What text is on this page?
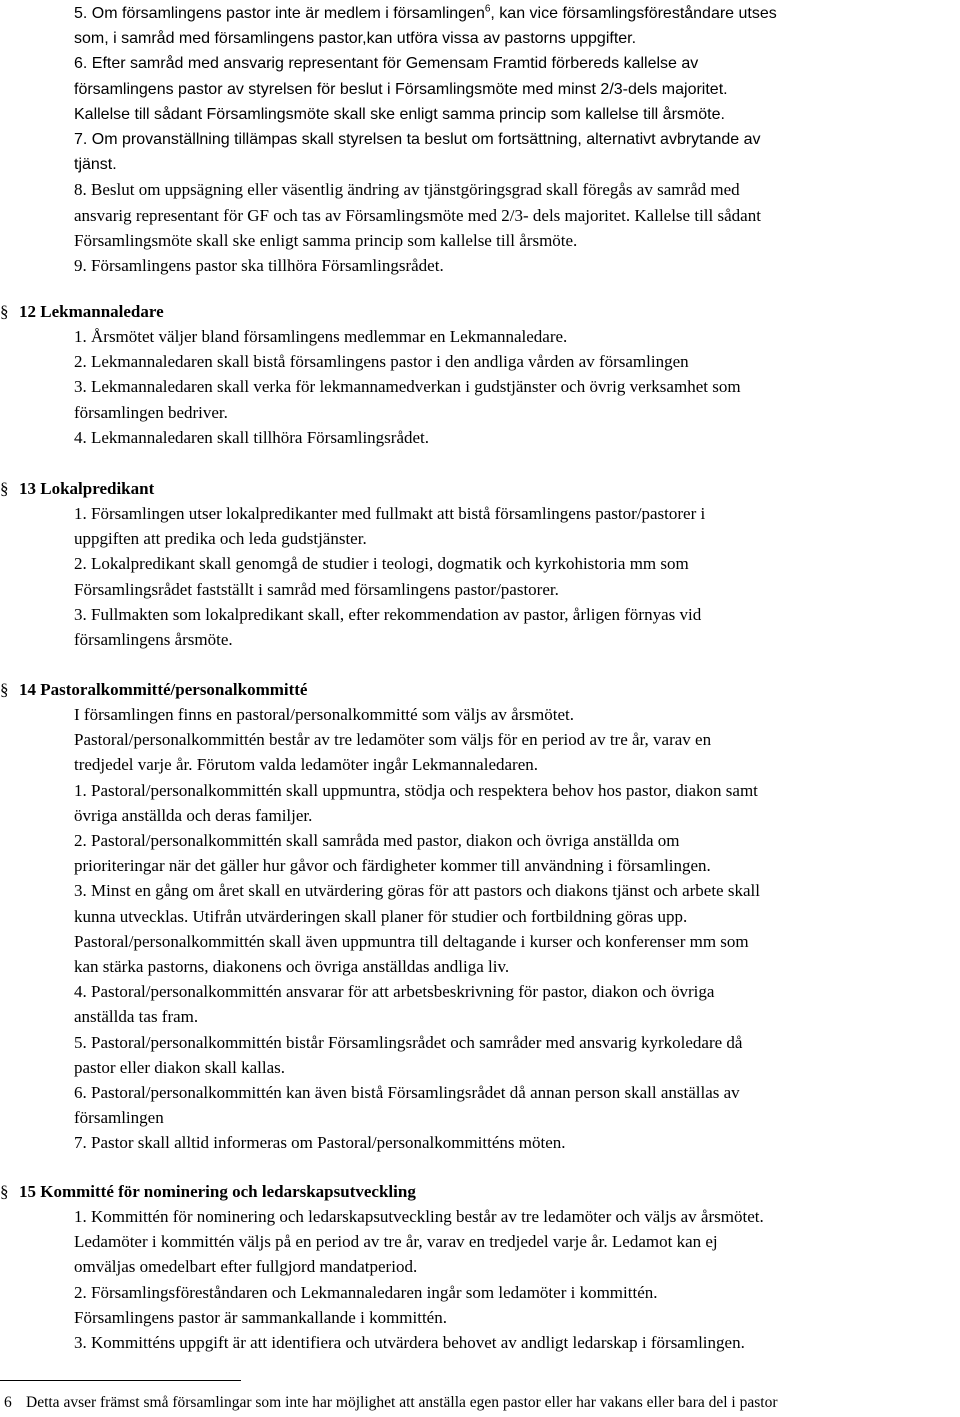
5. Om församlingens pastor inte är medlem i församlingen$^6$, kan vice församlingsföreståndare utses
som, i samråd med församlingens pastor,kan utföra vissa av pastorns uppgifter.
6. Efter samråd med ansvarig representant för Gemensam Framtid förbereds kallelse av
församlingens pastor av styrelsen för beslut i Församlingsmöte med minst 2/3-dels majoritet.
Kallelse till sådant Församlingsmöte skall ske enligt samma princip som kallelse till årsmöte.
7. Om provanställning tillämpas skall styrelsen ta beslut om fortsättning, alternativt avbrytande av
tjänst.
8. Beslut om uppsägning eller väsentlig ändring av tjänstgöringsgrad skall föregås av samråd med
ansvarig representant för GF och tas av Församlingsmöte med 2/3- dels majoritet. Kallelse till sådant
Församlingsmöte skall ske enligt samma princip som kallelse till årsmöte.
9. Församlingens pastor ska tillhöra Församlingsrådet.
§ 12 Lekmannaledare
1. Årsmötet väljer bland församlingens medlemmar en Lekmannaledare.
2. Lekmannaledaren skall bistå församlingens pastor i den andliga vården av församlingen
3. Lekmannaledaren skall verka för lekmannamedverkan i gudstjänster och övrig verksamhet som
församlingen bedriver.
4. Lekmannaledaren skall tillhöra Församlingsrådet.
§ 13 Lokalpredikant
1. Församlingen utser lokalpredikanter med fullmakt att bistå församlingens pastor/pastorer i
uppgiften att predika och leda gudstjänster.
2. Lokalpredikant skall genomgå de studier i teologi, dogmatik och kyrkohistoria mm som
Församlingsrådet fastställt i samråd med församlingens pastor/pastorer.
3. Fullmakten som lokalpredikant skall, efter rekommendation av pastor, årligen förnyas vid
församlingens årsmöte.
§ 14 Pastoralkommitté/personalkommitté
I församlingen finns en pastoral/personalkommitté som väljs av årsmötet.
Pastoral/personalkommittén består av tre ledamöter som väljs för en period av tre år, varav en
tredjedel varje år. Förutom valda ledamöter ingår Lekmannaledaren.
1. Pastoral/personalkommittén skall uppmuntra, stödja och respektera behov hos pastor, diakon samt
övriga anställda och deras familjer.
2. Pastoral/personalkommittén skall samråda med pastor, diakon och övriga anställda om
prioriteringar när det gäller hur gåvor och färdigheter kommer till användning i församlingen.
3. Minst en gång om året skall en utvärdering göras för att pastors och diakons tjänst och arbete skall
kunna utvecklas. Utifrån utvärderingen skall planer för studier och fortbildning göras upp.
Pastoral/personalkommittén skall även uppmuntra till deltagande i kurser och konferenser mm som
kan stärka pastorns, diakonens och övriga anställdas andliga liv.
4. Pastoral/personalkommittén ansvarar för att arbetsbeskrivning för pastor, diakon och övriga
anställda tas fram.
5. Pastoral/personalkommittén bistår Församlingsrådet och samråder med ansvarig kyrkoledare då
pastor eller diakon skall kallas.
6. Pastoral/personalkommittén kan även bistå Församlingsrådet då annan person skall anställas av
församlingen
7. Pastor skall alltid informeras om Pastoral/personalkommitténs möten.
§ 15 Kommitté för nominering och ledarskapsutveckling
1. Kommittén för nominering och ledarskapsutveckling består av tre ledamöter och väljs av årsmötet.
Ledamöter i kommittén väljs på en period av tre år, varav en tredjedel varje år. Ledamot kan ej
omväljas omedelbart efter fullgjord mandatperiod.
2. Församlingsföreståndaren och Lekmannaledaren ingår som ledamöter i kommittén.
Församlingens pastor är sammankallande i kommittén.
3. Kommitténs uppgift är att identifiera och utvärdera behovet av andligt ledarskap i församlingen.
6 Detta avser främst små församlingar som inte har möjlighet att anställa egen pastor eller har vakans eller bara del i pastor
